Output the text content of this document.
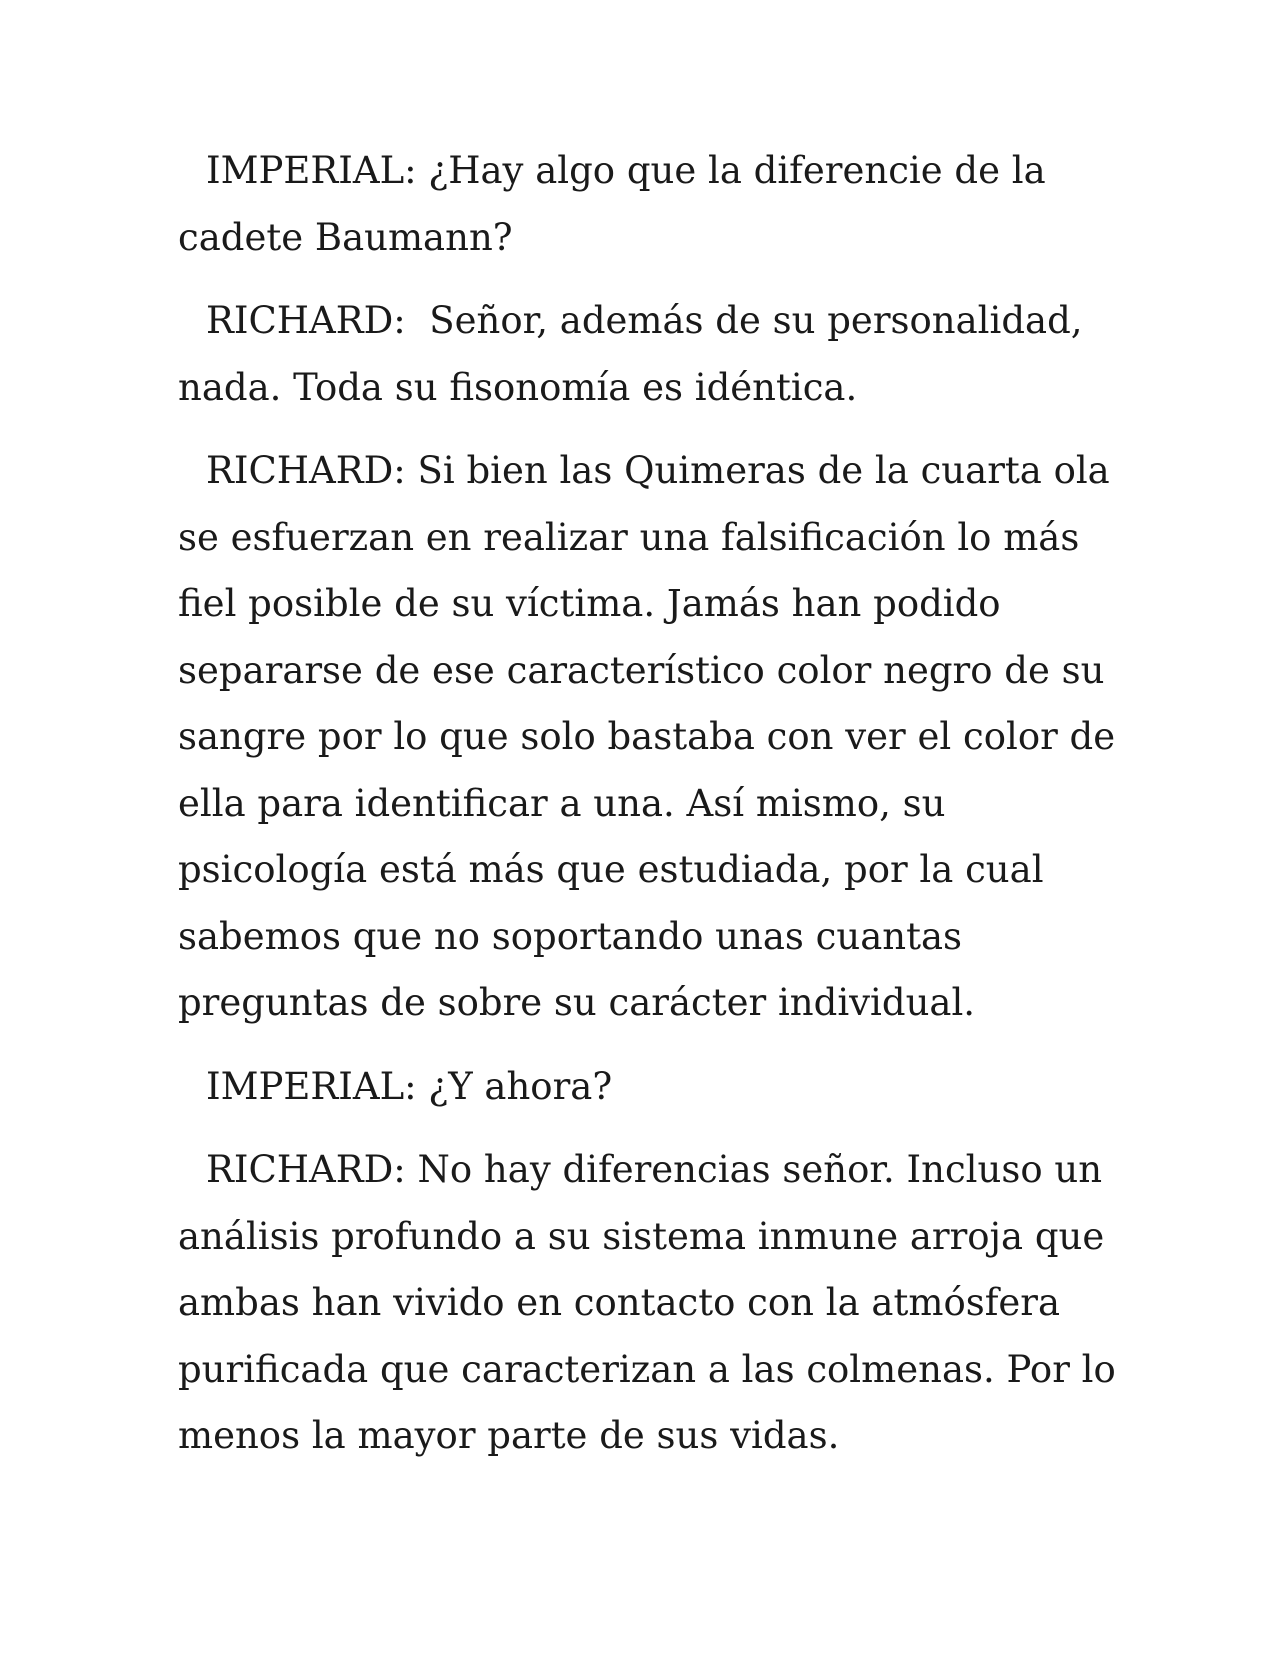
IMPERIAL: ¿Hay algo que la diferencie de la
cadete Baumann?

RICHARD:  Señor, además de su personalidad,
nada. Toda su fisonomía es idéntica.

RICHARD: Si bien las Quimeras de la cuarta ola
se esfuerzan en realizar una falsificación lo más
fiel posible de su víctima. Jamás han podido
separarse de ese característico color negro de su
sangre por lo que solo bastaba con ver el color de
ella para identificar a una. Así mismo, su
psicología está más que estudiada, por la cual
sabemos que no soportando unas cuantas
preguntas de sobre su carácter individual.

IMPERIAL: ¿Y ahora?

RICHARD: No hay diferencias señor. Incluso un
análisis profundo a su sistema inmune arroja que
ambas han vivido en contacto con la atmósfera
purificada que caracterizan a las colmenas. Por lo
menos la mayor parte de sus vidas.
